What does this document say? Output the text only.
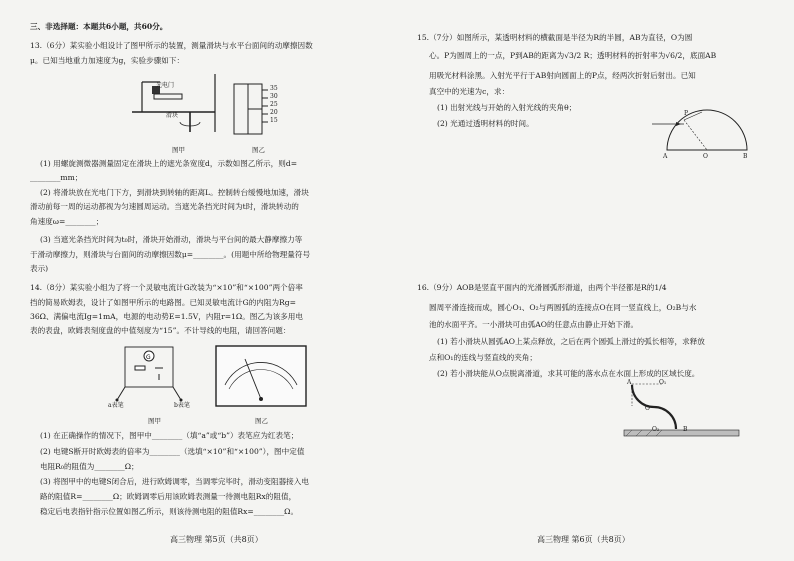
三、非选择题：本题共6小题，共60分。
13.（6分）某实验小组设计了图甲所示的装置，测量滑块与水平台面间的动摩擦因数
μ。已知当地重力加速度为g，实验步骤如下：
光电门
滑块
图甲
35
30
25
20
15
图乙
(1) 用螺旋测微器测量固定在滑块上的遮光条宽度d，示数如图乙所示，则d=
________mm；
(2) 将滑块放在光电门下方，到滑块到转轴的距离L。控制转台缓慢地加速，滑块
滑动前每一周的运动都视为匀速圆周运动。当遮光条挡光时间为t时，滑块转动的
角速度ω=________；
(3) 当遮光条挡光时间为t₀时，滑块开始滑动，滑块与平台间的最大静摩擦力等
于滑动摩擦力，则滑块与台面间的动摩擦因数μ=________。(用题中所给物理量符号
表示)
14.（8分）某实验小组为了将一个灵敏电流计G改装为“×10”和“×100”两个倍率
挡的简易欧姆表，设计了如图甲所示的电路图。已知灵敏电流计G的内阻为Rg=
36Ω、满偏电流Ig=1mA，电源的电动势E=1.5V，内阻r=1Ω。图乙为该多用电
表的表盘，欧姆表刻度盘的中值刻度为“15”。不计导线的电阻，请回答问题：
G
a表笔	b表笔
图甲	图乙
(1) 在正确操作的情况下，图甲中________（填“a”或“b”）表笔应为红表笔；
(2) 电键S断开时欧姆表的倍率为________（选填“×10”和“×100”），图中定值
电阻R₀的阻值为________Ω；
(3) 将图甲中的电键S闭合后，进行欧姆调零，当调零完毕时，滑动变阻器接入电
路的阻值R=________Ω；欧姆调零后用该欧姆表测量一待测电阻Rx的阻值，
稳定后电表指针指示位置如图乙所示，则该待测电阻的阻值Rx=________Ω。
高三物理 第5页（共8页）
15.（7分）如图所示，某透明材料的横截面是半径为R的半圆，AB为直径，O为圆
心。P为圆周上的一点，P到AB的距离为√3/2 R；透明材料的折射率为√6/2，底面AB
用吸光材料涂黑。入射光平行于AB射向圆面上的P点，经两次折射后射出。已知
真空中的光速为c，求：
(1) 出射光线与开始的入射光线的夹角θ；
(2) 光通过透明材料的时间。
P
A	O	B
16.（9分）AOB是竖直平面内的光滑圆弧形滑道，由两个半径都是R的1/4
圆周平滑连接而成，圆心O₁、O₂与两圆弧的连接点O在同一竖直线上，O₂B与水
池的水面平齐。一小滑块可由弧AO的任意点由静止开始下滑。
(1) 若小滑块从圆弧AO上某点释放，之后在两个圆弧上滑过的弧长相等，求释放
点和O₁的连线与竖直线的夹角；
(2) 若小滑块能从O点脱离滑道，求其可能的落水点在水面上形成的区域长度。
A	O₁
O
O₂	B
高三物理 第6页（共8页）
